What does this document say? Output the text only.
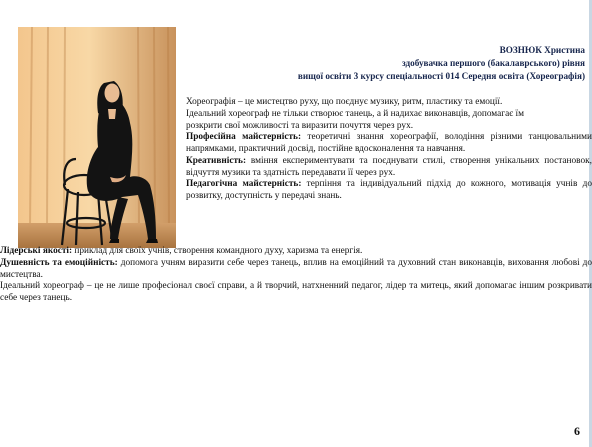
ВОЗНЮК Христина
здобувачка першого (бакалаврського) рівня
вищої освіти 3 курсу спеціальності 014 Середня освіта (Хореографія)

Хореографія – це мистецтво руху, що поєднує музику, ритм, пластику та емоції.

Ідеальний хореограф не тільки створює танець, а й надихає виконавців, допомагає їм

розкрити свої можливості та виразити почуття через рух.

Професійна майстерність: теоретичні знання хореографії, володіння різними танцювальними напрямками, практичний досвід, постійне вдосконалення та навчання.

Креативність: вміння експериментувати та поєднувати стилі, створення унікальних постановок, відчуття музики та здатність передавати її через рух.

Педагогічна майстерність: терпіння та індивідуальний підхід до кожного, мотивація учнів до розвитку, доступність у передачі знань.

Лідерські якості: приклад для своїх учнів, створення командного духу, харизма та енергія.

Душевність та емоційність: допомога учням виразити себе через танець, вплив на емоційний та духовний стан виконавців, виховання любові до мистецтва.

Ідеальний хореограф – це не лише професіонал своєї справи, а й творчий, натхненний педагог, лідер та митець, який допомагає іншим розкривати себе через танець.

6
